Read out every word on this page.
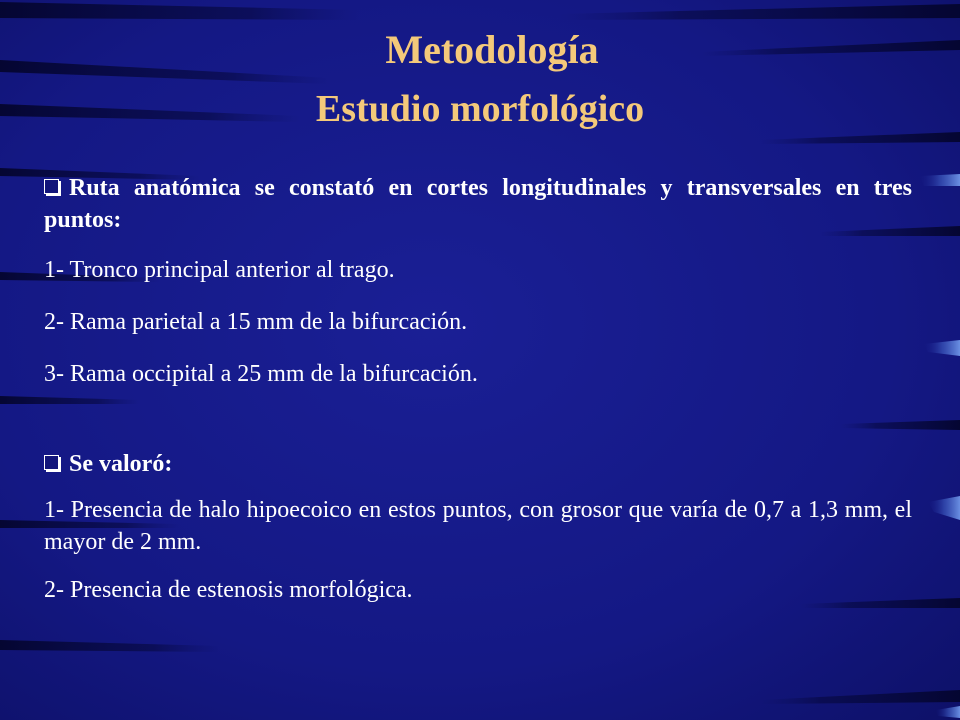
Metodología
Estudio morfológico

Ruta anatómica se constató en cortes longitudinales y transversales en tres puntos:

1- Tronco principal anterior al trago.

2- Rama parietal a 15 mm de la bifurcación.

3- Rama occipital a 25 mm de la bifurcación.

Se valoró:

1- Presencia de halo hipoecoico en estos puntos, con grosor que varía de 0,7 a 1,3 mm, el mayor de 2 mm.

2- Presencia de estenosis morfológica.
